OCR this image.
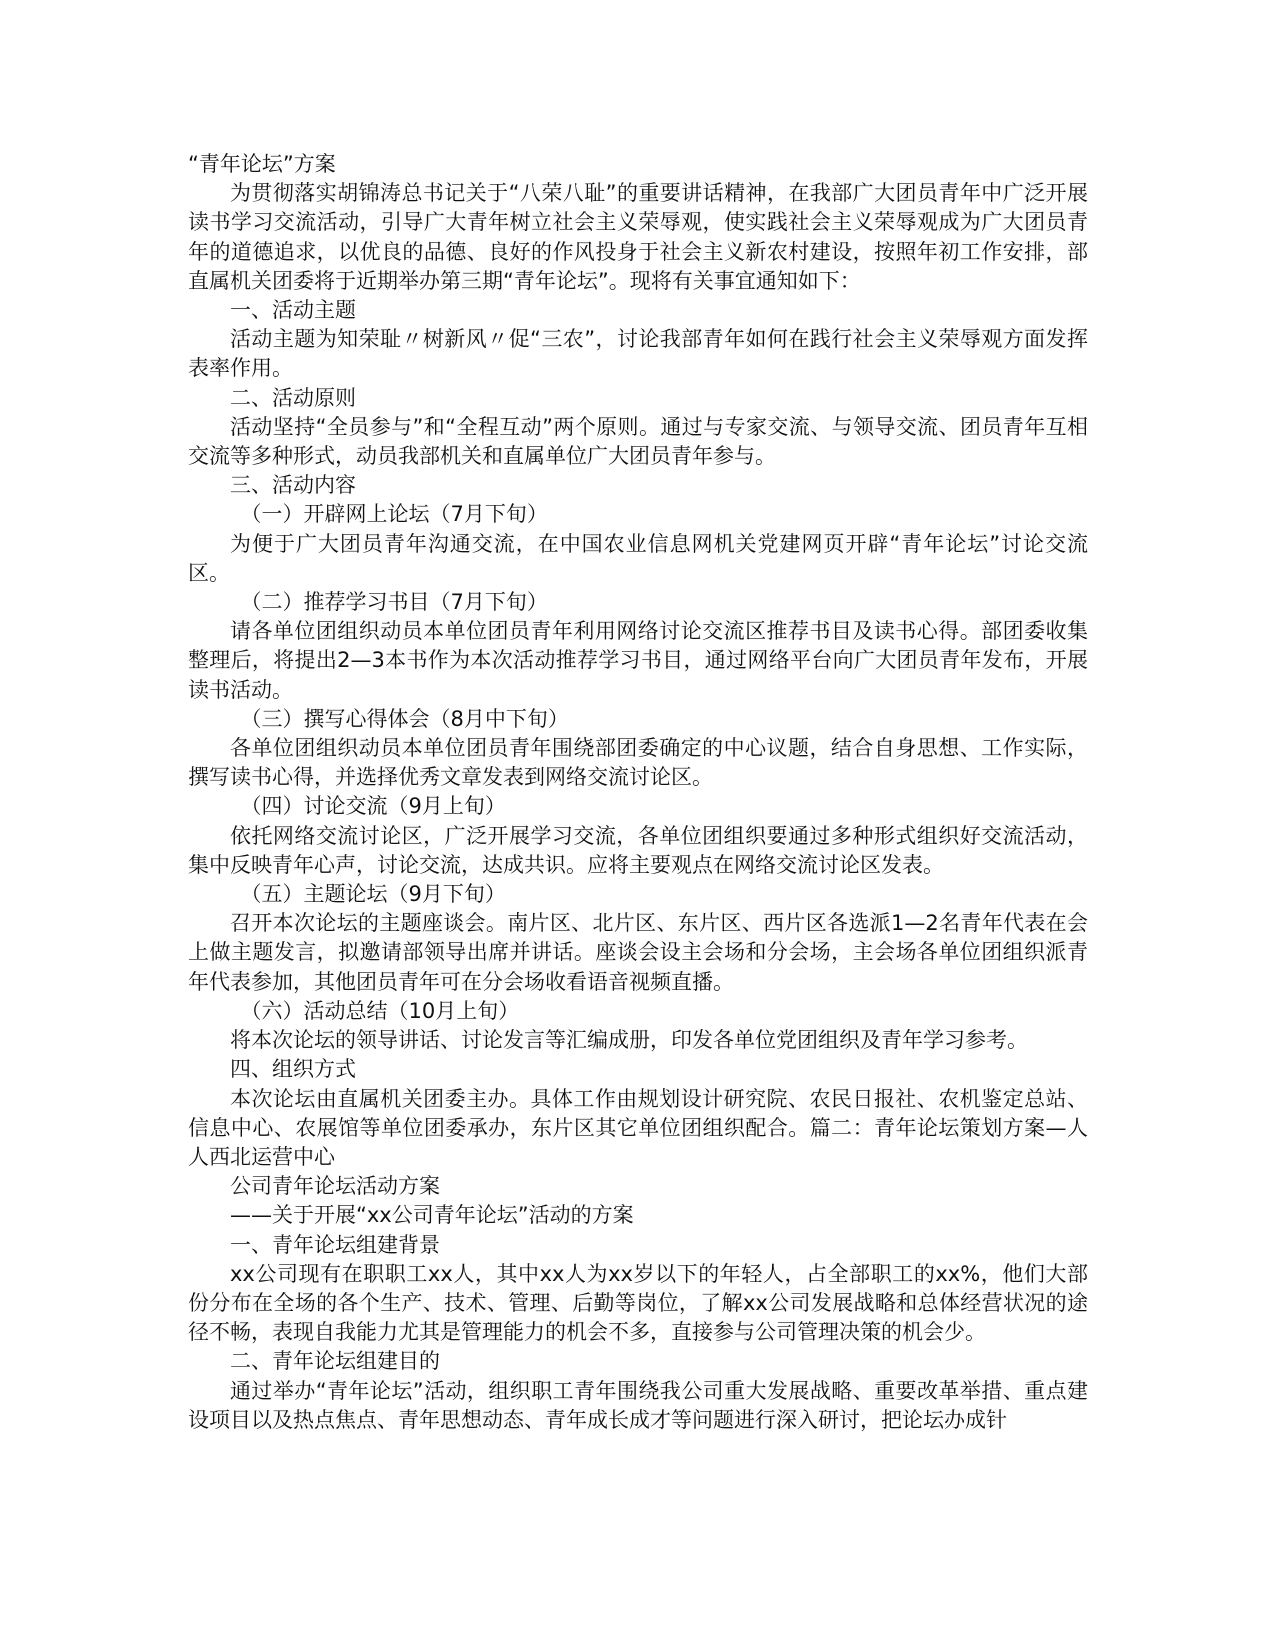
“青年论坛”方案

为贯彻落实胡锦涛总书记关于“八荣八耻”的重要讲话精神，在我部广大团员青年中广泛开展读书学习交流活动，引导广大青年树立社会主义荣辱观，使实践社会主义荣辱观成为广大团员青年的道德追求，以优良的品德、良好的作风投身于社会主义新农村建设，按照年初工作安排，部直属机关团委将于近期举办第三期“青年论坛”。现将有关事宜通知如下：

一、活动主题

活动主题为知荣耻〃树新风〃促“三农”，讨论我部青年如何在践行社会主义荣辱观方面发挥表率作用。

二、活动原则

活动坚持“全员参与”和“全程互动”两个原则。通过与专家交流、与领导交流、团员青年互相交流等多种形式，动员我部机关和直属单位广大团员青年参与。

三、活动内容

（一）开辟网上论坛（7月下旬）

为便于广大团员青年沟通交流，在中国农业信息网机关党建网页开辟“青年论坛”讨论交流区。

（二）推荐学习书目（7月下旬）

请各单位团组织动员本单位团员青年利用网络讨论交流区推荐书目及读书心得。部团委收集整理后，将提出2—3本书作为本次活动推荐学习书目，通过网络平台向广大团员青年发布，开展读书活动。

（三）撰写心得体会（8月中下旬）

各单位团组织动员本单位团员青年围绕部团委确定的中心议题，结合自身思想、工作实际，撰写读书心得，并选择优秀文章发表到网络交流讨论区。

（四）讨论交流（9月上旬）

依托网络交流讨论区，广泛开展学习交流，各单位团组织要通过多种形式组织好交流活动，集中反映青年心声，讨论交流，达成共识。应将主要观点在网络交流讨论区发表。

（五）主题论坛（9月下旬）

召开本次论坛的主题座谈会。南片区、北片区、东片区、西片区各选派1—2名青年代表在会上做主题发言，拟邀请部领导出席并讲话。座谈会设主会场和分会场，主会场各单位团组织派青年代表参加，其他团员青年可在分会场收看语音视频直播。

（六）活动总结（10月上旬）

将本次论坛的领导讲话、讨论发言等汇编成册，印发各单位党团组织及青年学习参考。

四、组织方式

本次论坛由直属机关团委主办。具体工作由规划设计研究院、农民日报社、农机鉴定总站、信息中心、农展馆等单位团委承办，东片区其它单位团组织配合。篇二：青年论坛策划方案—人人西北运营中心

公司青年论坛活动方案

——关于开展“xx公司青年论坛”活动的方案

一、青年论坛组建背景

xx公司现有在职职工xx人，其中xx人为xx岁以下的年轻人，占全部职工的xx%，他们大部份分布在全场的各个生产、技术、管理、后勤等岗位，了解xx公司发展战略和总体经营状况的途径不畅，表现自我能力尤其是管理能力的机会不多，直接参与公司管理决策的机会少。

二、青年论坛组建目的

通过举办“青年论坛”活动，组织职工青年围绕我公司重大发展战略、重要改革举措、重点建设项目以及热点焦点、青年思想动态、青年成长成才等问题进行深入研讨，把论坛办成针
